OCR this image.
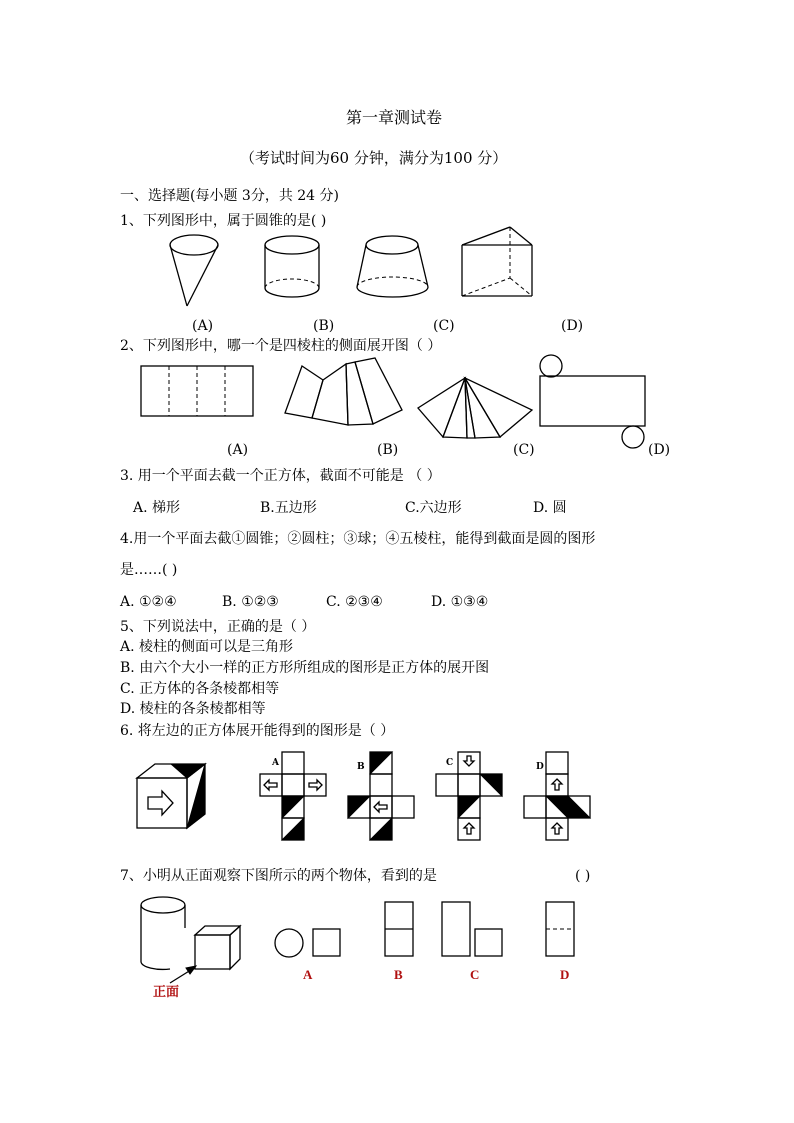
第一章测试卷
（考试时间为60 分钟，满分为100 分）
一、选择题(每小题 3分，共 24 分)
1、下列图形中，属于圆锥的是( )
(A)	(B)	(C)	(D)
2、下列图形中，哪一个是四棱柱的侧面展开图（ ）
(A)	(B)	(C)	(D)
3. 用一个平面去截一个正方体，截面不可能是 （ ）
A. 梯形	B.五边形	C.六边形	D. 圆
4.用一个平面去截①圆锥；②圆柱；③球；④五棱柱，能得到截面是圆的图形
是……( )
A. ①②④	B. ①②③	C. ②③④	D. ①③④
5、下列说法中，正确的是（ ）
A. 棱柱的侧面可以是三角形
B. 由六个大小一样的正方形所组成的图形是正方体的展开图
C. 正方体的各条棱都相等
D. 棱柱的各条棱都相等
6. 将左边的正方体展开能得到的图形是（ ）
A	B	C	D
7、小明从正面观察下图所示的两个物体，看到的是	( )
正面
A	B	C	D
